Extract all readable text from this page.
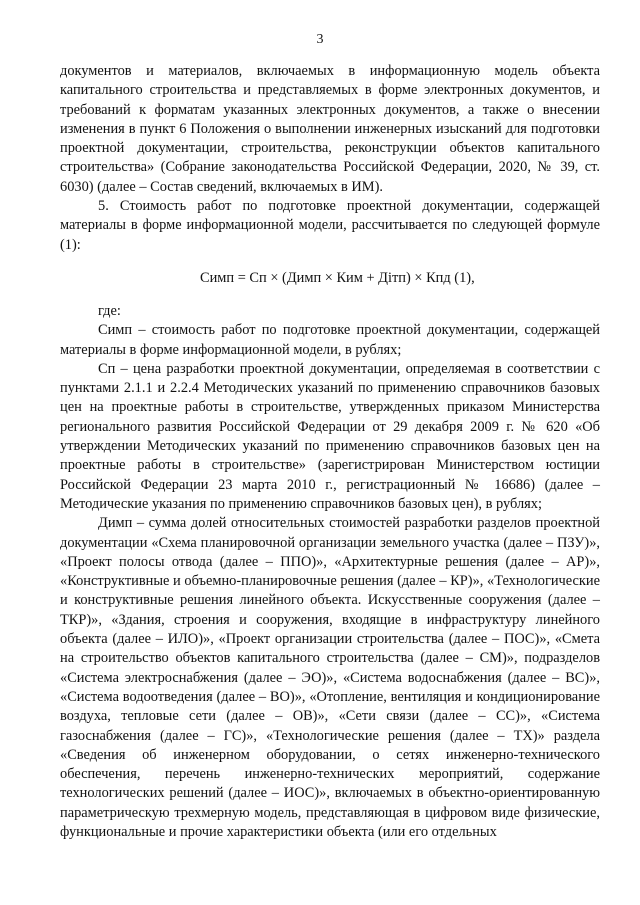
3

документов и материалов, включаемых в информационную модель объекта капитального строительства и представляемых в форме электронных документов, и требований к форматам указанных электронных документов, а также о внесении изменения в пункт 6 Положения о выполнении инженерных изысканий для подготовки проектной документации, строительства, реконструкции объектов капитального строительства» (Собрание законодательства Российской Федерации, 2020, № 39, ст. 6030) (далее – Состав сведений, включаемых в ИМ).

5. Стоимость работ по подготовке проектной документации, содержащей материалы в форме информационной модели, рассчитывается по следующей формуле (1):

Симп = Сп × (Димп × Ким + Дітп) × Кпд (1),

где:

Симп – стоимость работ по подготовке проектной документации, содержащей материалы в форме информационной модели, в рублях;

Сп – цена разработки проектной документации, определяемая в соответствии с пунктами 2.1.1 и 2.2.4 Методических указаний по применению справочников базовых цен на проектные работы в строительстве, утвержденных приказом Министерства регионального развития Российской Федерации от 29 декабря 2009 г. № 620 «Об утверждении Методических указаний по применению справочников базовых цен на проектные работы в строительстве» (зарегистрирован Министерством юстиции Российской Федерации 23 марта 2010 г., регистрационный № 16686) (далее – Методические указания по применению справочников базовых цен), в рублях;

Димп – сумма долей относительных стоимостей разработки разделов проектной документации «Схема планировочной организации земельного участка (далее – ПЗУ)», «Проект полосы отвода (далее – ППО)», «Архитектурные решения (далее – АР)», «Конструктивные и объемно-планировочные решения (далее – КР)», «Технологические и конструктивные решения линейного объекта. Искусственные сооружения (далее – ТКР)», «Здания, строения и сооружения, входящие в инфраструктуру линейного объекта (далее – ИЛО)», «Проект организации строительства (далее – ПОС)», «Смета на строительство объектов капитального строительства (далее – СМ)», подразделов «Система электроснабжения (далее – ЭО)», «Система водоснабжения (далее – ВС)», «Система водоотведения (далее – ВО)», «Отопление, вентиляция и кондиционирование воздуха, тепловые сети (далее – ОВ)», «Сети связи (далее – СС)», «Система газоснабжения (далее – ГС)», «Технологические решения (далее – ТХ)» раздела «Сведения об инженерном оборудовании, о сетях инженерно-технического обеспечения, перечень инженерно-технических мероприятий, содержание технологических решений (далее – ИОС)», включаемых в объектно-ориентированную параметрическую трехмерную модель, представляющая в цифровом виде физические, функциональные и прочие характеристики объекта (или его отдельных
